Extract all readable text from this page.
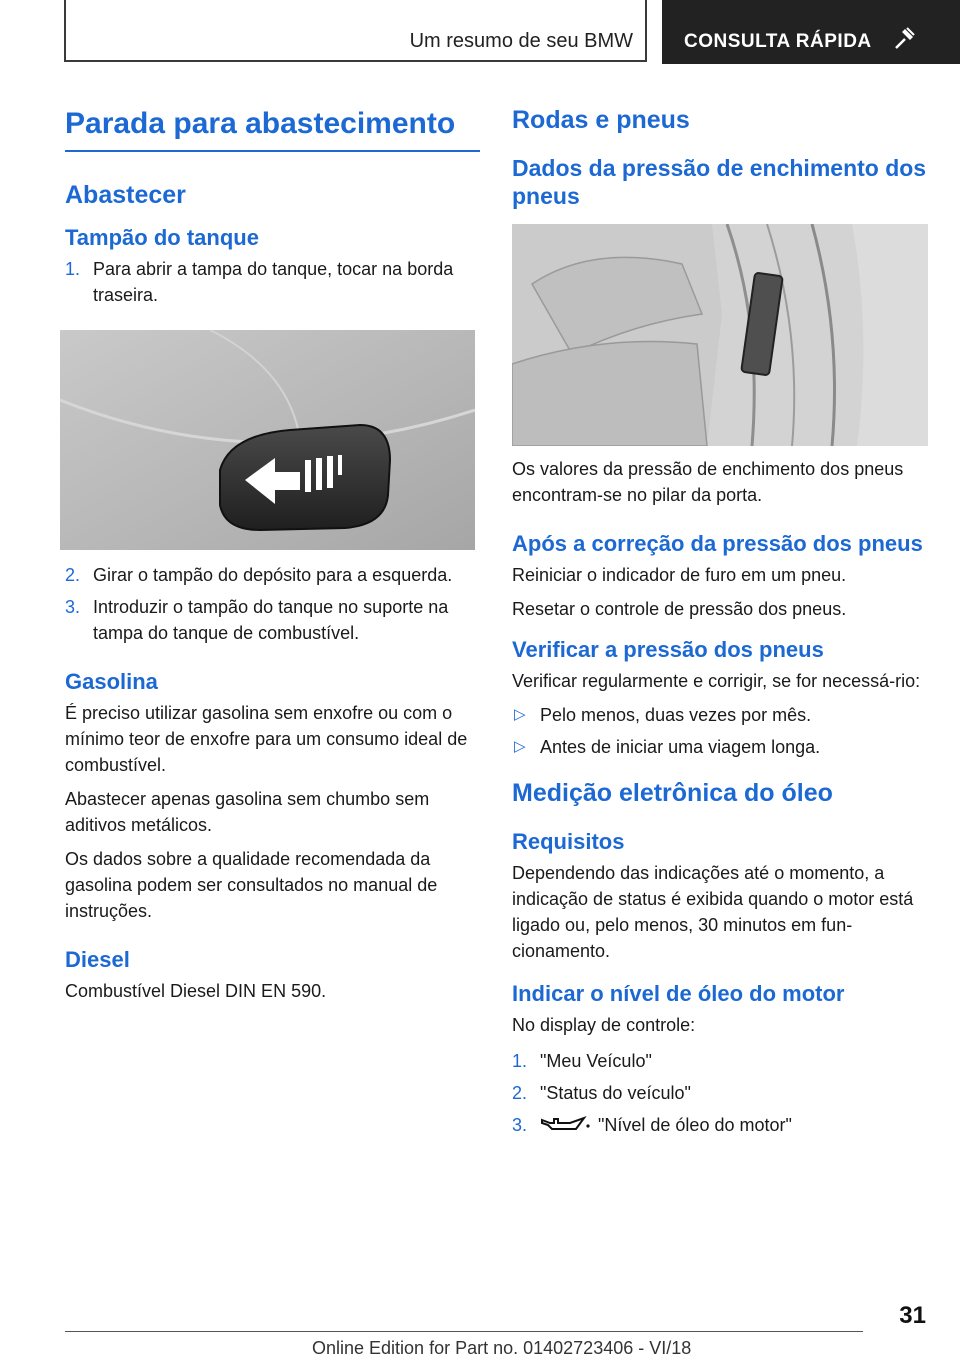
Um resumo de seu BMW	CONSULTA RÁPIDA
Parada para abastecimento
Abastecer
Tampão do tanque
1. Para abrir a tampa do tanque, tocar na borda traseira.
2. Girar o tampão do depósito para a esquerda.
3. Introduzir o tampão do tanque no suporte na tampa do tanque de combustível.
Gasolina

É preciso utilizar gasolina sem enxofre ou com o mínimo teor de enxofre para um consumo ideal de combustível.

Abastecer apenas gasolina sem chumbo sem aditivos metálicos.

Os dados sobre a qualidade recomendada da gasolina podem ser consultados no manual de instruções.

Diesel

Combustível Diesel DIN EN 590.

Rodas e pneus
Dados da pressão de enchimento dos pneus

Os valores da pressão de enchimento dos pneus encontram-se no pilar da porta.

Após a correção da pressão dos pneus

Reiniciar o indicador de furo em um pneu.

Resetar o controle de pressão dos pneus.

Verificar a pressão dos pneus

Verificar regularmente e corrigir, se for necessá-rio:

▷ Pelo menos, duas vezes por mês.
▷ Antes de iniciar uma viagem longa.
Medição eletrônica do óleo
Requisitos

Dependendo das indicações até o momento, a indicação de status é exibida quando o motor está ligado ou, pelo menos, 30 minutos em fun-cionamento.

Indicar o nível de óleo do motor

No display de controle:

1. "Meu Veículo"
2. "Status do veículo"
3.	"Nível de óleo do motor"
31
Online Edition for Part no. 01402723406 - VI/18
